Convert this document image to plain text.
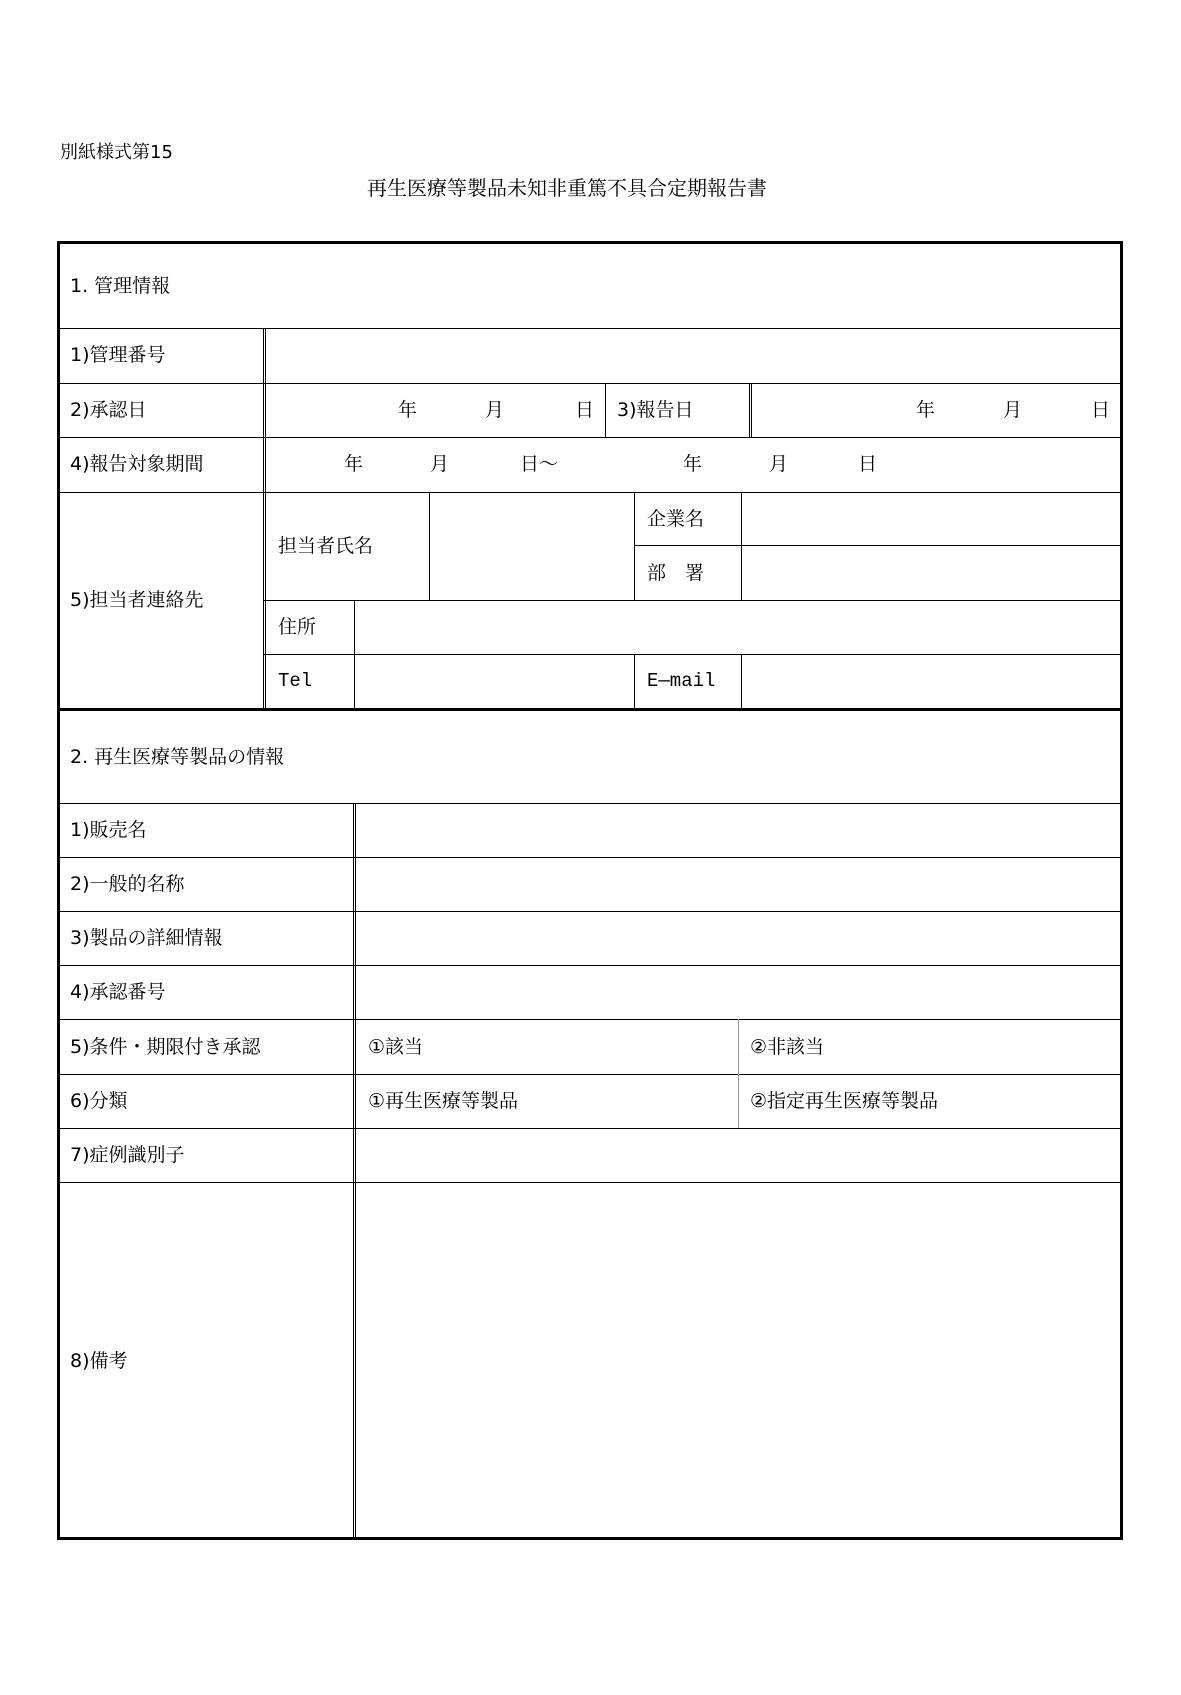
別紙様式第15
再生医療等製品未知非重篤不具合定期報告書
1. 管理情報
1)管理番号
2)承認日	年	月	日 3)報告日	年	月	日
4)報告対象期間	年	月	日～	年	月	日
5)担当者連絡先
担当者氏名
企業名
部　署
住所
Tel	E—mail
2. 再生医療等製品の情報
1)販売名
2)一般的名称
3)製品の詳細情報
4)承認番号
5)条件・期限付き承認	①該当	②非該当
6)分類	①再生医療等製品	②指定再生医療等製品
7)症例識別子
8)備考
